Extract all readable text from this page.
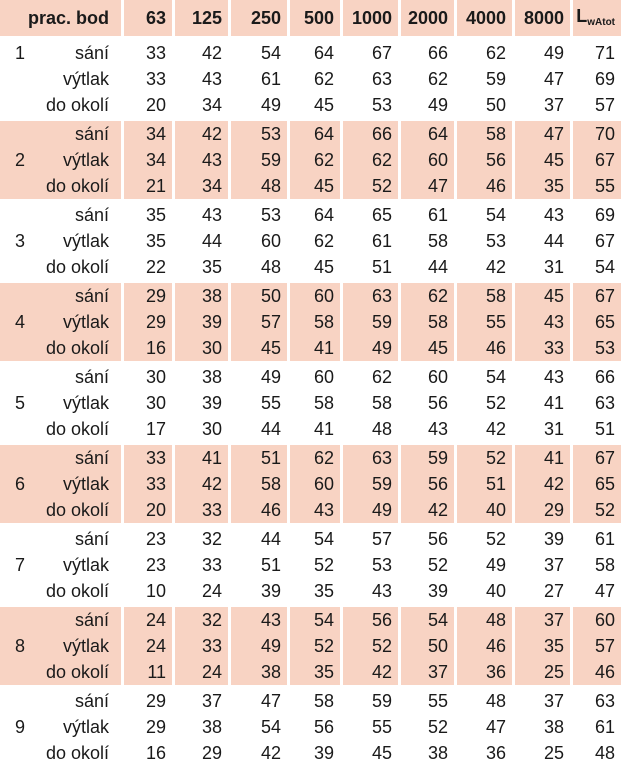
prac. bod		63	125	250	500	1000	2000	4000	8000	LwAtot
1	sání	33	42	54	64	67	66	62	49	71
	výtlak	33	43	61	62	63	62	59	47	69
	do okolí	20	34	49	45	53	49	50	37	57
	sání	34	42	53	64	66	64	58	47	70
2	výtlak	34	43	59	62	62	60	56	45	67
	do okolí	21	34	48	45	52	47	46	35	55
	sání	35	43	53	64	65	61	54	43	69
3	výtlak	35	44	60	62	61	58	53	44	67
	do okolí	22	35	48	45	51	44	42	31	54
	sání	29	38	50	60	63	62	58	45	67
4	výtlak	29	39	57	58	59	58	55	43	65
	do okolí	16	30	45	41	49	45	46	33	53
	sání	30	38	49	60	62	60	54	43	66
5	výtlak	30	39	55	58	58	56	52	41	63
	do okolí	17	30	44	41	48	43	42	31	51
	sání	33	41	51	62	63	59	52	41	67
6	výtlak	33	42	58	60	59	56	51	42	65
	do okolí	20	33	46	43	49	42	40	29	52
	sání	23	32	44	54	57	56	52	39	61
7	výtlak	23	33	51	52	53	52	49	37	58
	do okolí	10	24	39	35	43	39	40	27	47
	sání	24	32	43	54	56	54	48	37	60
8	výtlak	24	33	49	52	52	50	46	35	57
	do okolí	11	24	38	35	42	37	36	25	46
	sání	29	37	47	58	59	55	48	37	63
9	výtlak	29	38	54	56	55	52	47	38	61
	do okolí	16	29	42	39	45	38	36	25	48
